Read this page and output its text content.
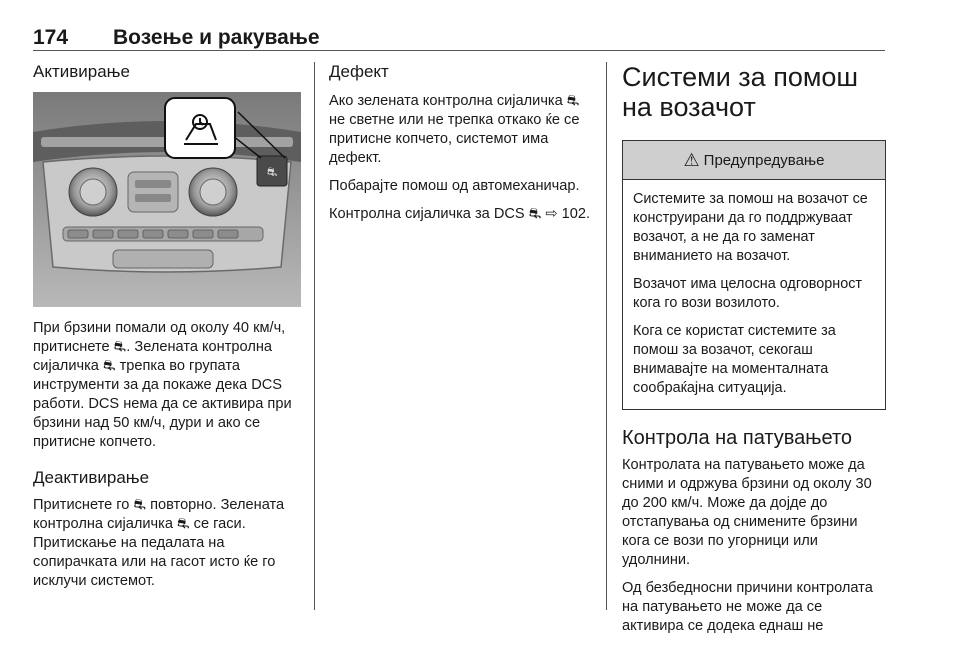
174 Возење и ракување
Активирање
⛐

При брзини помали од околу 40 км/ч, притиснете ⛐. Зелената контролна сијаличка ⛐ трепка во групата инструменти за да покаже дека DCS работи. DCS нема да се активира при брзини над 50 км/ч, дури и ако се притисне копчето.

Деактивирање

Притиснете го ⛐ повторно. Зелената контролна сијаличка ⛐ се гаси. Притискање на педалата на сопирачката или на гасот исто ќе го исклучи системот.

Дефект

Ако зелената контролна сијаличка ⛐ не светне или не трепка откако ќе се притисне копчето, системот има дефект.

Побарајте помош од автомеханичар.

Контролна сијаличка за DCS ⛐ ⇨ 102.

Системи за помош на возачот
⚠ Предупредување

Системите за помош на возачот се конструирани да го поддржуваат возачот, а не да го заменат вниманието на возачот.

Возачот има целосна одговорност кога го вози возилото.

Кога се користат системите за помош за возачот, секогаш внимавајте на моменталната сообраќајна ситуација.

Контрола на патувањето

Контролата на патувањето може да сними и одржува брзини од околу 30 до 200 км/ч. Може да дојде до отстапувања од снимените брзини кога се вози по угорници или удолнини.

Од безбедносни причини контролата на патувањето не може да се активира се додека еднаш не
